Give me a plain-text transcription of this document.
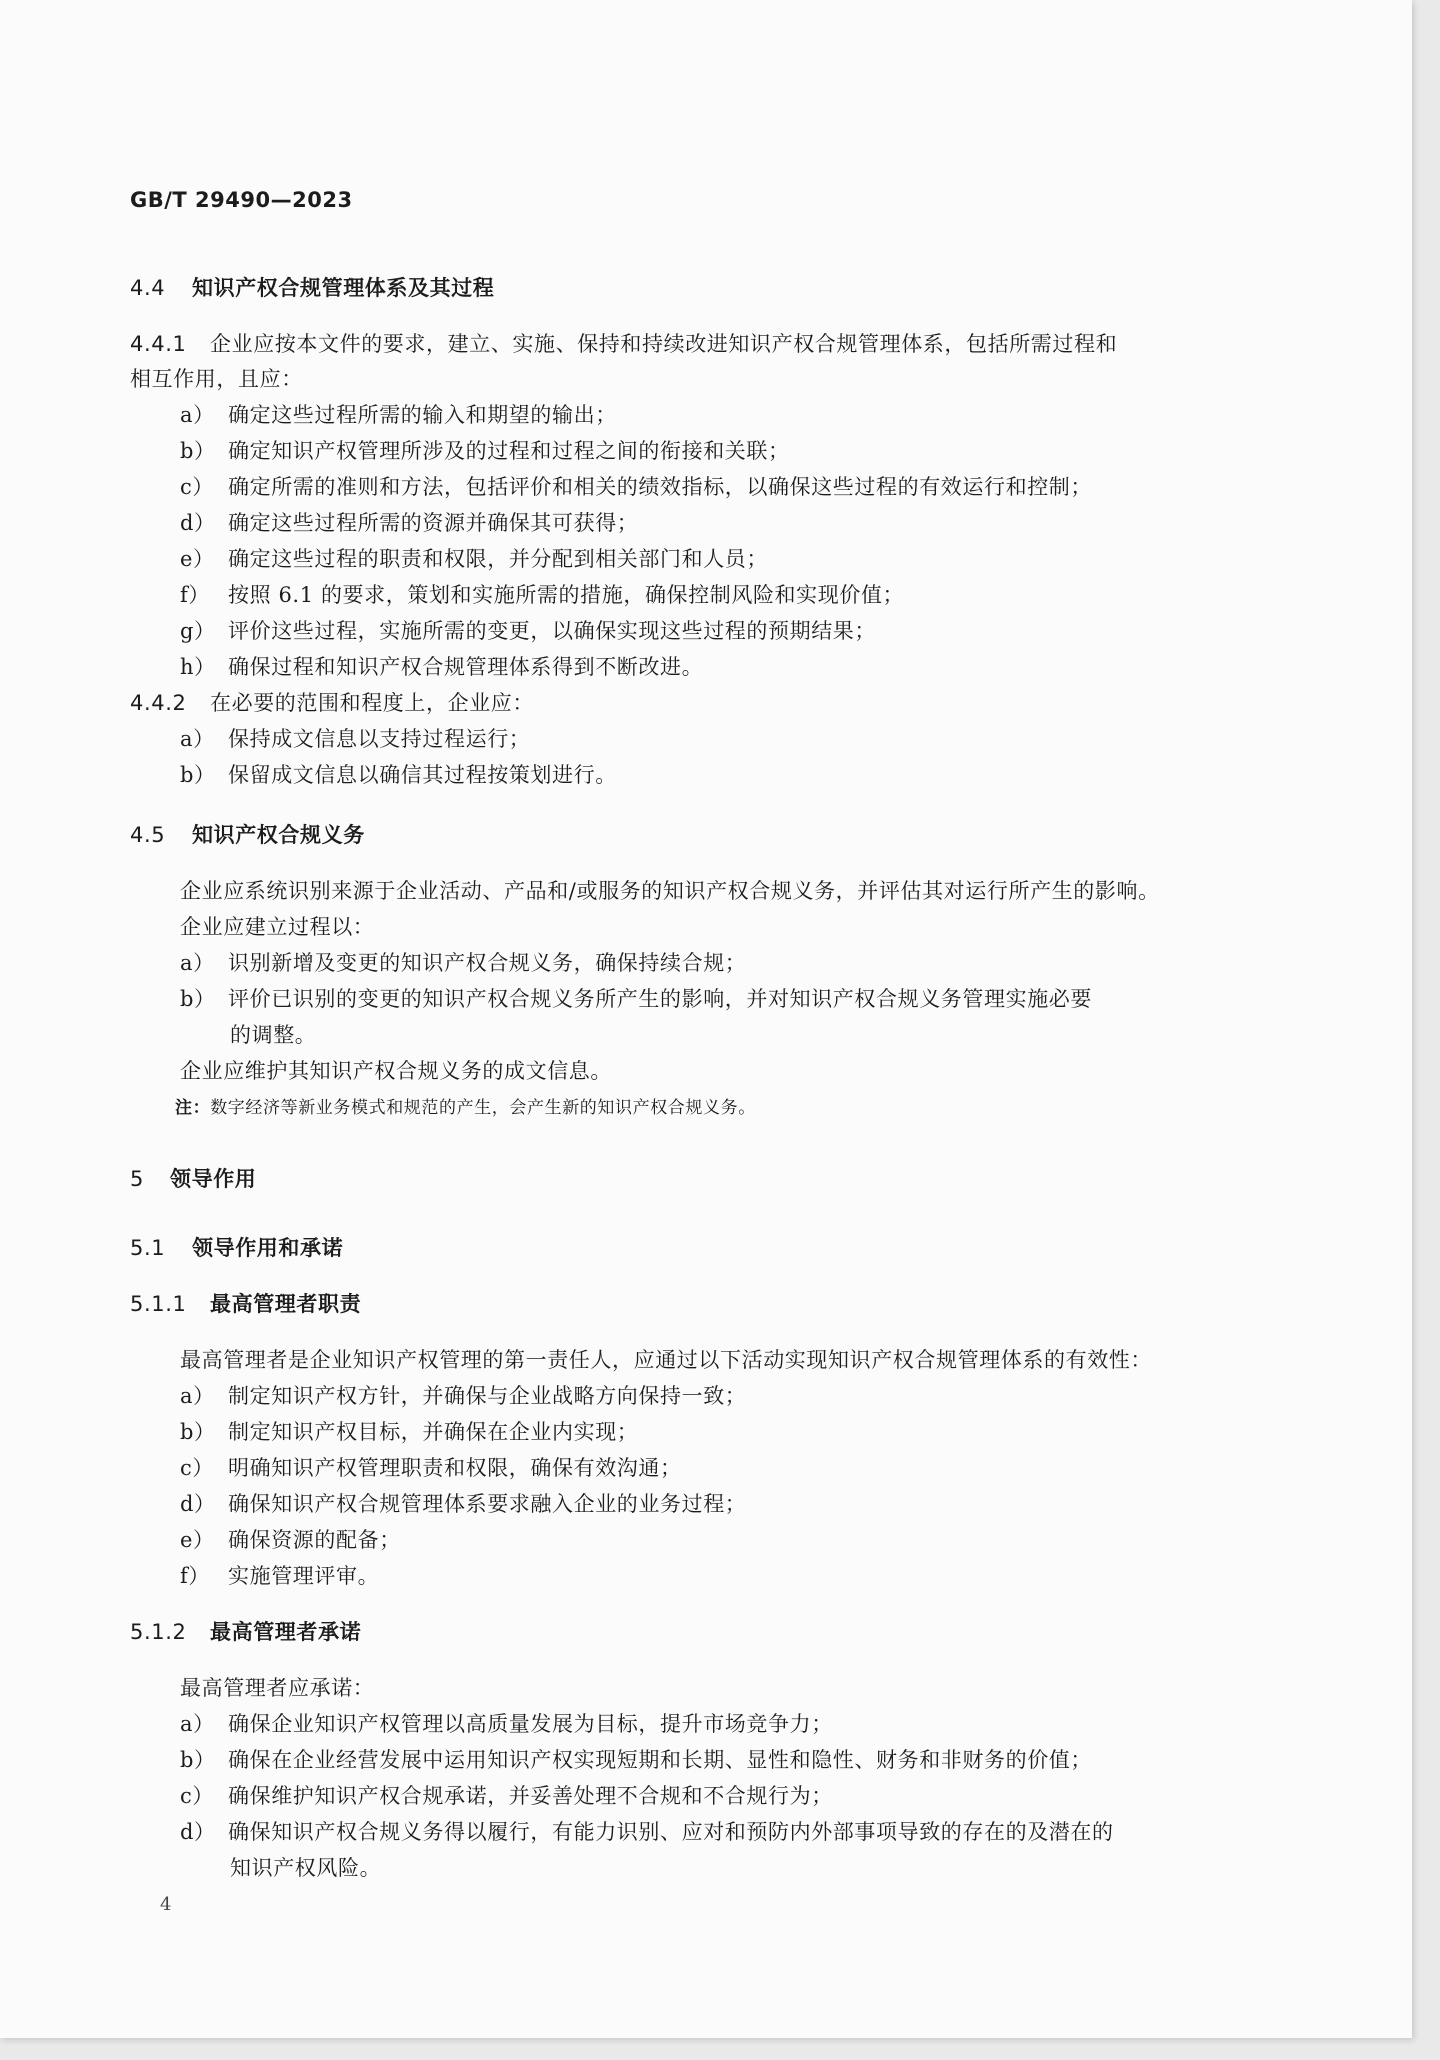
GB/T 29490—2023
4.4 知识产权合规管理体系及其过程
4.4.1 企业应按本文件的要求，建立、实施、保持和持续改进知识产权合规管理体系，包括所需过程和
相互作用，且应：
a） 确定这些过程所需的输入和期望的输出；
b） 确定知识产权管理所涉及的过程和过程之间的衔接和关联；
c） 确定所需的准则和方法，包括评价和相关的绩效指标，以确保这些过程的有效运行和控制；
d） 确定这些过程所需的资源并确保其可获得；
e） 确定这些过程的职责和权限，并分配到相关部门和人员；
f） 按照 6.1 的要求，策划和实施所需的措施，确保控制风险和实现价值；
g） 评价这些过程，实施所需的变更，以确保实现这些过程的预期结果；
h） 确保过程和知识产权合规管理体系得到不断改进。
4.4.2 在必要的范围和程度上，企业应：
a） 保持成文信息以支持过程运行；
b） 保留成文信息以确信其过程按策划进行。
4.5 知识产权合规义务
企业应系统识别来源于企业活动、产品和/或服务的知识产权合规义务，并评估其对运行所产生的影响。
企业应建立过程以：
a） 识别新增及变更的知识产权合规义务，确保持续合规；
b） 评价已识别的变更的知识产权合规义务所产生的影响，并对知识产权合规义务管理实施必要
的调整。
企业应维护其知识产权合规义务的成文信息。
注：数字经济等新业务模式和规范的产生，会产生新的知识产权合规义务。
5 领导作用
5.1 领导作用和承诺
5.1.1 最高管理者职责
最高管理者是企业知识产权管理的第一责任人，应通过以下活动实现知识产权合规管理体系的有效性：
a） 制定知识产权方针，并确保与企业战略方向保持一致；
b） 制定知识产权目标，并确保在企业内实现；
c） 明确知识产权管理职责和权限，确保有效沟通；
d） 确保知识产权合规管理体系要求融入企业的业务过程；
e） 确保资源的配备；
f） 实施管理评审。
5.1.2 最高管理者承诺
最高管理者应承诺：
a） 确保企业知识产权管理以高质量发展为目标，提升市场竞争力；
b） 确保在企业经营发展中运用知识产权实现短期和长期、显性和隐性、财务和非财务的价值；
c） 确保维护知识产权合规承诺，并妥善处理不合规和不合规行为；
d） 确保知识产权合规义务得以履行，有能力识别、应对和预防内外部事项导致的存在的及潜在的
知识产权风险。
4
